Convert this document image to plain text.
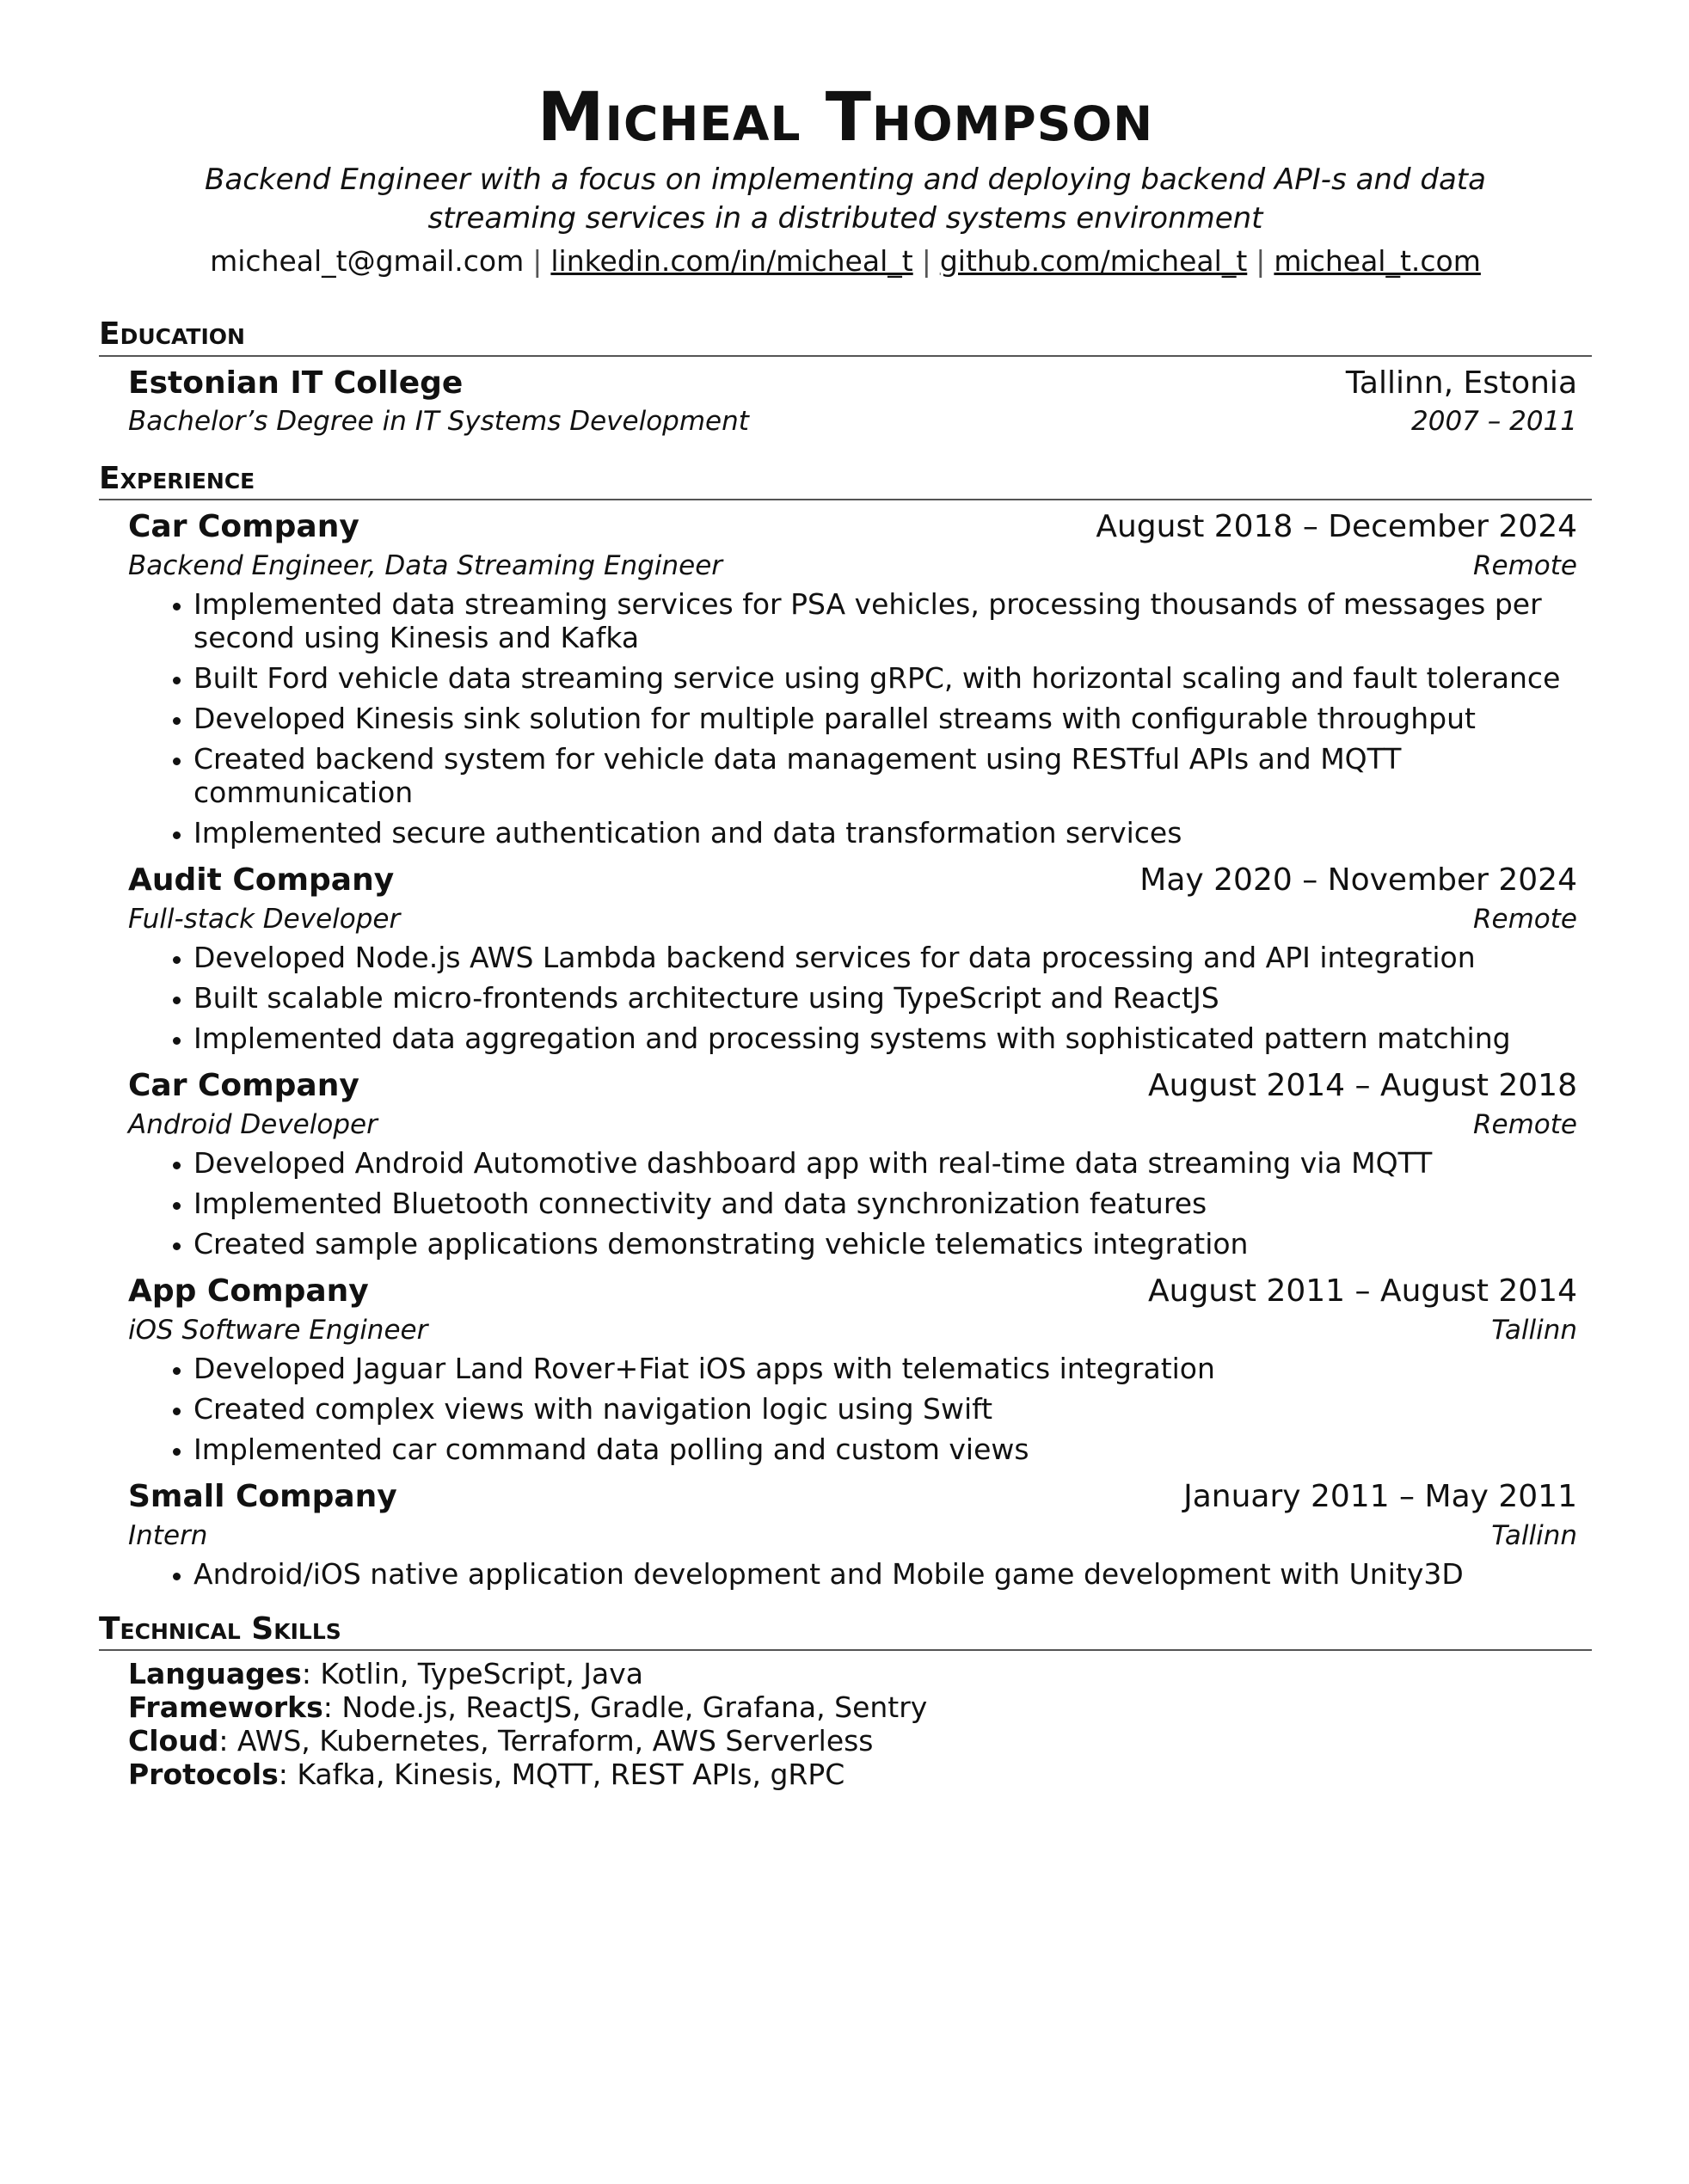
Micheal Thompson
Backend Engineer with a focus on implementing and deploying backend API-s and data streaming services in a distributed systems environment
micheal_t@gmail.com | linkedin.com/in/micheal_t | github.com/micheal_t | micheal_t.com
Education
Estonian IT College	Tallinn, Estonia
Bachelor’s Degree in IT Systems Development	2007 – 2011
Experience
Car Company	August 2018 – December 2024
Backend Engineer, Data Streaming Engineer	Remote
Implemented data streaming services for PSA vehicles, processing thousands of messages per second using Kinesis and Kafka
Built Ford vehicle data streaming service using gRPC, with horizontal scaling and fault tolerance
Developed Kinesis sink solution for multiple parallel streams with configurable throughput
Created backend system for vehicle data management using RESTful APIs and MQTT communication
Implemented secure authentication and data transformation services
Audit Company	May 2020 – November 2024
Full-stack Developer	Remote
Developed Node.js AWS Lambda backend services for data processing and API integration
Built scalable micro-frontends architecture using TypeScript and ReactJS
Implemented data aggregation and processing systems with sophisticated pattern matching
Car Company	August 2014 – August 2018
Android Developer	Remote
Developed Android Automotive dashboard app with real-time data streaming via MQTT
Implemented Bluetooth connectivity and data synchronization features
Created sample applications demonstrating vehicle telematics integration
App Company	August 2011 – August 2014
iOS Software Engineer	Tallinn
Developed Jaguar Land Rover+Fiat iOS apps with telematics integration
Created complex views with navigation logic using Swift
Implemented car command data polling and custom views
Small Company	January 2011 – May 2011
Intern	Tallinn
Android/iOS native application development and Mobile game development with Unity3D
Technical Skills
Languages: Kotlin, TypeScript, Java
Frameworks: Node.js, ReactJS, Gradle, Grafana, Sentry
Cloud: AWS, Kubernetes, Terraform, AWS Serverless
Protocols: Kafka, Kinesis, MQTT, REST APIs, gRPC
